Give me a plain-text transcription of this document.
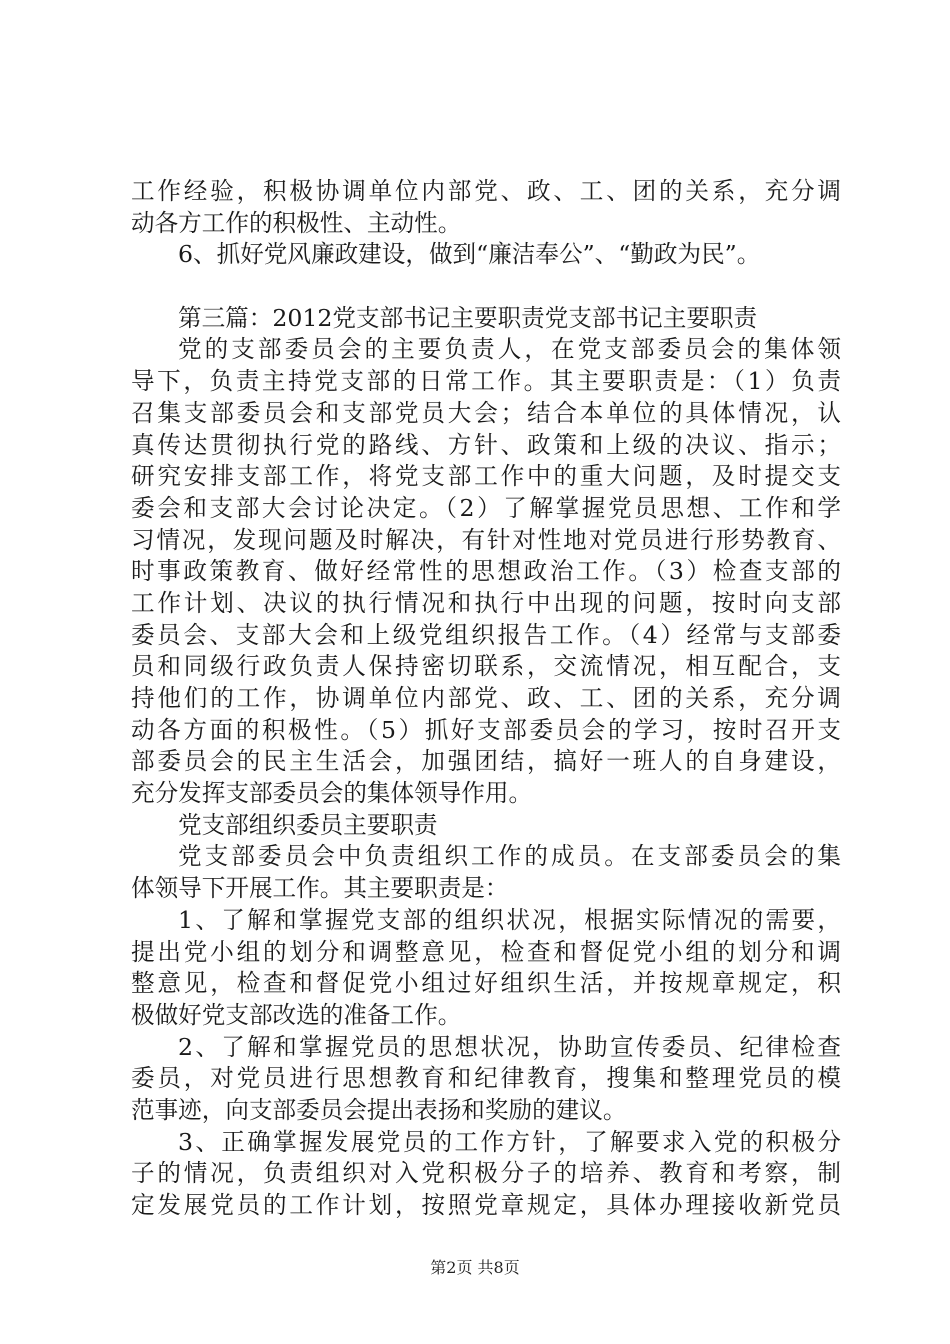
工作经验，积极协调单位内部党、政、工、团的关系，充分调
动各方工作的积极性、主动性。
6、抓好党风廉政建设，做到“廉洁奉公”、“勤政为民”。
第三篇：2012党支部书记主要职责党支部书记主要职责
党的支部委员会的主要负责人，在党支部委员会的集体领
导下，负责主持党支部的日常工作。其主要职责是：（1）负责
召集支部委员会和支部党员大会；结合本单位的具体情况，认
真传达贯彻执行党的路线、方针、政策和上级的决议、指示；
研究安排支部工作，将党支部工作中的重大问题，及时提交支
委会和支部大会讨论决定。（2）了解掌握党员思想、工作和学
习情况，发现问题及时解决，有针对性地对党员进行形势教育、
时事政策教育、做好经常性的思想政治工作。（3）检查支部的
工作计划、决议的执行情况和执行中出现的问题，按时向支部
委员会、支部大会和上级党组织报告工作。（4）经常与支部委
员和同级行政负责人保持密切联系，交流情况，相互配合，支
持他们的工作，协调单位内部党、政、工、团的关系，充分调
动各方面的积极性。（5）抓好支部委员会的学习，按时召开支
部委员会的民主生活会，加强团结，搞好一班人的自身建设，
充分发挥支部委员会的集体领导作用。
党支部组织委员主要职责
党支部委员会中负责组织工作的成员。在支部委员会的集
体领导下开展工作。其主要职责是：
1、了解和掌握党支部的组织状况，根据实际情况的需要，
提出党小组的划分和调整意见，检查和督促党小组的划分和调
整意见，检查和督促党小组过好组织生活，并按规章规定，积
极做好党支部改选的准备工作。
2、了解和掌握党员的思想状况，协助宣传委员、纪律检查
委员，对党员进行思想教育和纪律教育，搜集和整理党员的模
范事迹，向支部委员会提出表扬和奖励的建议。
3、正确掌握发展党员的工作方针，了解要求入党的积极分
子的情况，负责组织对入党积极分子的培养、教育和考察，制
定发展党员的工作计划，按照党章规定，具体办理接收新党员
第2页 共8页
